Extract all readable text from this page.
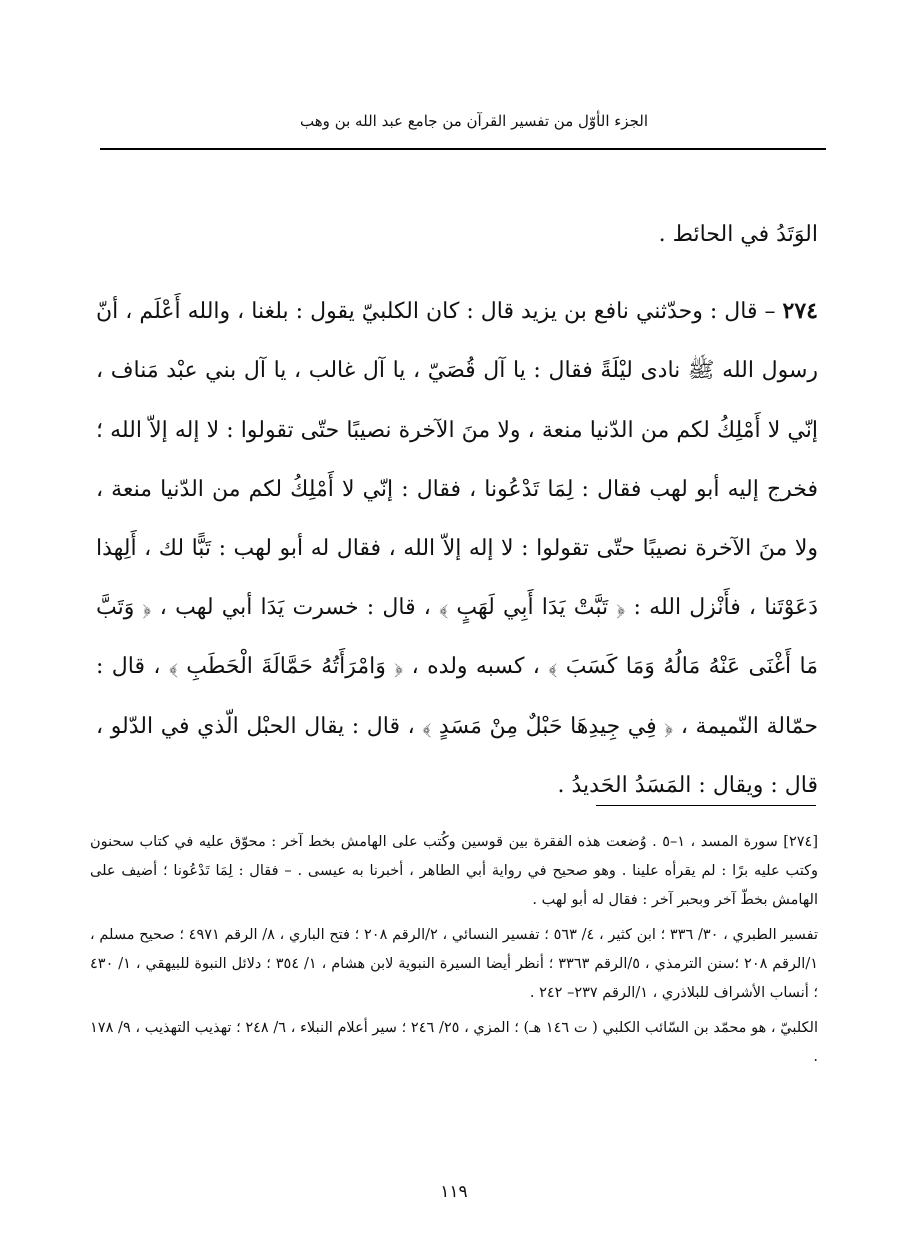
الجزء الأوّل من تفسير القرآن من جامع عبد الله بن وهب

الوَتَدُ في الحائط .

٢٧٤ – قال : وحدّثني نافع بن يزيد قال : كان الكلبيّ يقول : بلغنا ، والله أَعْلَم ، أنّ رسول الله ﷺ نادى ليْلَةً فقال : يا آل قُصَيّ ، يا آل غالب ، يا آل بني عبْد مَناف ، إنّي لا أَمْلِكُ لكم من الدّنيا منعة ، ولا منَ الآخرة نصيبًا حتّى تقولوا : لا إله إلاّ الله ؛ فخرج إليه أبو لهب فقال : لِمَا تَدْعُونا ، فقال : إنّي لا أَمْلِكُ لكم من الدّنيا منعة ، ولا منَ الآخرة نصيبًا حتّى تقولوا : لا إله إلاّ الله ، فقال له أبو لهب : تَبًّا لك ، أَلِهذا دَعَوْتَنا ، فأَنْزل الله : ﴿ تَبَّتْ يَدَا أَبِي لَهَبٍ ﴾ ، قال : خسرت يَدَا أبي لهب ، ﴿ وَتَبَّ مَا أَغْنَى عَنْهُ مَالُهُ وَمَا كَسَبَ ﴾ ، كسبه ولده ، ﴿ وَامْرَأَتُهُ حَمَّالَةَ الْحَطَبِ ﴾ ، قال : حمّالة النّميمة ، ﴿ فِي جِيدِهَا حَبْلٌ مِنْ مَسَدٍ ﴾ ، قال : يقال الحبْل الّذي في الدّلو ، قال : ويقال : المَسَدُ الحَديدُ .

[٢٧٤] سورة المسد ، ١–٥ . وُضعت هذه الفقرة بين قوسين وكُتب على الهامش بخط آخر : محوّق عليه في كتاب سحنون وكتب عليه برًا : لم يقرأه علينا . وهو صحيح في رواية أبي الطاهر ، أخبرنا به عيسى . – فقال : لِمَا تَدْعُونا ؛ أضيف على الهامش بخطّ آخر وبحبر آخر : فقال له أبو لهب .

تفسير الطبري ، ٣٠/ ٣٣٦ ؛ ابن كثير ، ٤/ ٥٦٣ ؛ تفسير النسائي ، ٢/الرقم ٢٠٨ ؛ فتح الباري ، ٨/ الرقم ٤٩٧١ ؛ صحيح مسلم ، ١/الرقم ٢٠٨ ؛سنن الترمذي ، ٥/الرقم ٣٣٦٣ ؛ أنظر أيضا السيرة النبوية لابن هشام ، ١/ ٣٥٤ ؛ دلائل النبوة للبيهقي ، ١/ ٤٣٠ ؛ أنساب الأشراف للبلاذري ، ١/الرقم ٢٣٧– ٢٤٢ .

الكلبيّ ، هو محمّد بن السّائب الكلبي ( ت ١٤٦ هـ) ؛ المزي ، ٢٥/ ٢٤٦ ؛ سير أعلام النبلاء ، ٦/ ٢٤٨ ؛ تهذيب التهذيب ، ٩/ ١٧٨ .

١١٩
